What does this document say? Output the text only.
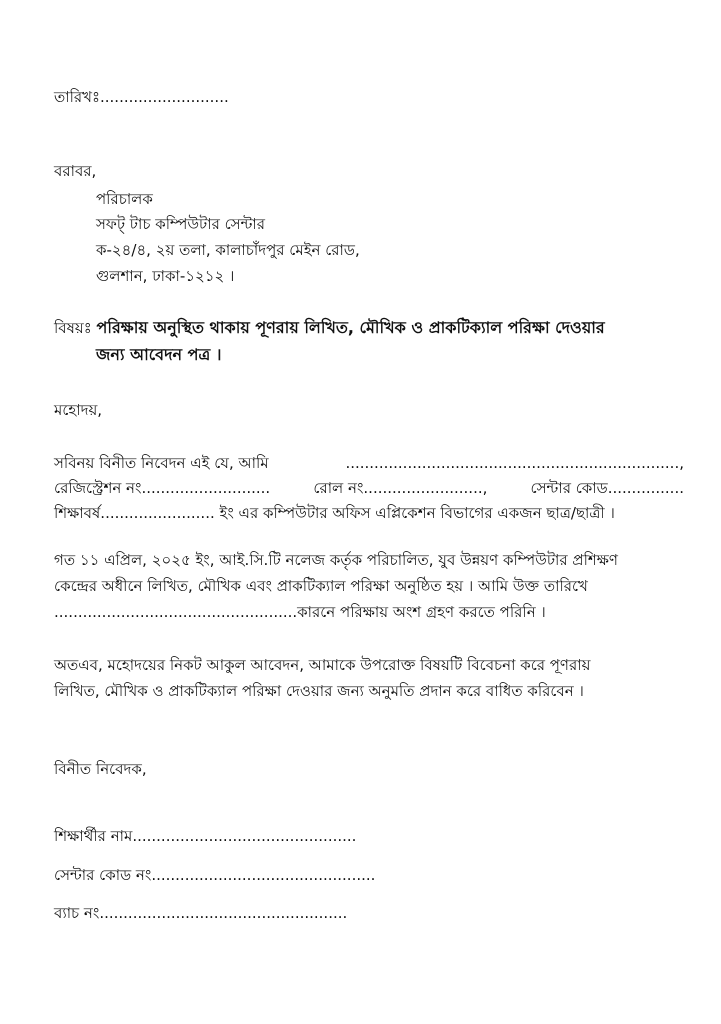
তারিখঃ...........................
বরাবর,
পরিচালক
সফট্ টাচ কম্পিউটার সেন্টার
ক-২৪/৪, ২য় তলা, কালাচাঁদপুর মেইন রোড,
গুলশান, ঢাকা-১২১২ ।
বিষয়ঃ পরিক্ষায় অনুস্থিত থাকায় পূণরায় লিখিত, মৌখিক ও প্রাকটিক্যাল পরিক্ষা দেওয়ার
জন্য আবেদন পত্র ।
মহোদয়,
সবিনয় বিনীত নিবেদন এই যে, আমি	......................................................................,
রেজিস্ট্রেশন নং...........................	রোল নং.........................,	সেন্টার কোড................
শিক্ষাবর্ষ........................ ইং এর কম্পিউটার অফিস এপ্লিকেশন বিভাগের একজন ছাত্র/ছাত্রী ।
গত ১১ এপ্রিল, ২০২৫ ইং, আই.সি.টি নলেজ কর্তৃক পরিচালিত, যুব উন্নয়ণ কম্পিউটার প্রশিক্ষণ
কেন্দ্রের অধীনে লিখিত, মৌখিক এবং প্রাকটিক্যাল পরিক্ষা অনুষ্ঠিত হয় । আমি উক্ত তারিখে
...................................................কারনে পরিক্ষায় অংশ গ্রহণ করতে পরিনি ।
অতএব, মহোদয়ের নিকট আকুল আবেদন, আমাকে উপরোক্ত বিষয়টি বিবেচনা করে পূণরায়
লিখিত, মৌখিক ও প্রাকটিক্যাল পরিক্ষা দেওয়ার জন্য অনুমতি প্রদান করে বাধিত করিবেন ।
বিনীত নিবেদক,
শিক্ষার্থীর নাম...............................................
সেন্টার কোড নং...............................................
ব্যাচ নং....................................................
